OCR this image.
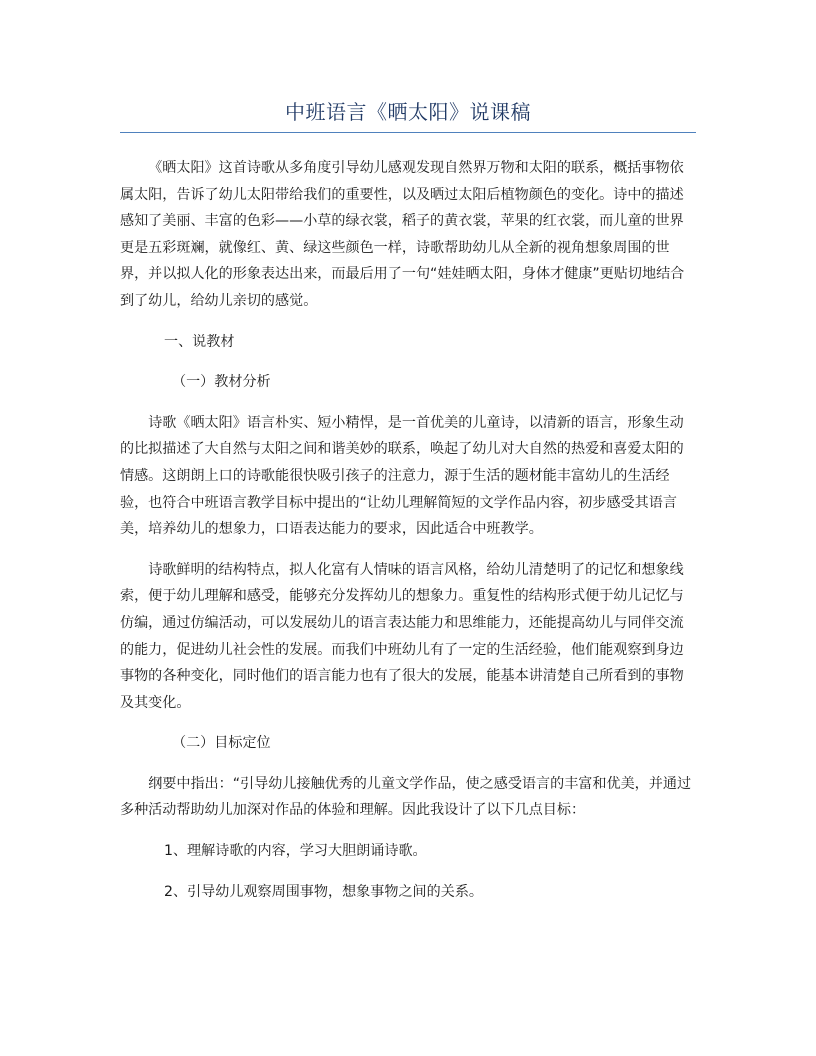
中班语言《晒太阳》说课稿

《晒太阳》这首诗歌从多角度引导幼儿感观发现自然界万物和太阳的联系，概括事物依属太阳，告诉了幼儿太阳带给我们的重要性，以及晒过太阳后植物颜色的变化。诗中的描述感知了美丽、丰富的色彩——小草的绿衣裳，稻子的黄衣裳，苹果的红衣裳，而儿童的世界更是五彩斑斓，就像红、黄、绿这些颜色一样，诗歌帮助幼儿从全新的视角想象周围的世界，并以拟人化的形象表达出来，而最后用了一句“娃娃晒太阳，身体才健康”更贴切地结合到了幼儿，给幼儿亲切的感觉。

一、说教材

（一）教材分析

诗歌《晒太阳》语言朴实、短小精悍，是一首优美的儿童诗，以清新的语言，形象生动的比拟描述了大自然与太阳之间和谐美妙的联系，唤起了幼儿对大自然的热爱和喜爱太阳的情感。这朗朗上口的诗歌能很快吸引孩子的注意力，源于生活的题材能丰富幼儿的生活经验，也符合中班语言教学目标中提出的“让幼儿理解简短的文学作品内容，初步感受其语言美，培养幼儿的想象力，口语表达能力的要求，因此适合中班教学。

诗歌鲜明的结构特点，拟人化富有人情味的语言风格，给幼儿清楚明了的记忆和想象线索，便于幼儿理解和感受，能够充分发挥幼儿的想象力。重复性的结构形式便于幼儿记忆与仿编，通过仿编活动，可以发展幼儿的语言表达能力和思维能力，还能提高幼儿与同伴交流的能力，促进幼儿社会性的发展。而我们中班幼儿有了一定的生活经验，他们能观察到身边事物的各种变化，同时他们的语言能力也有了很大的发展，能基本讲清楚自己所看到的事物及其变化。

（二）目标定位

纲要中指出：“引导幼儿接触优秀的儿童文学作品，使之感受语言的丰富和优美，并通过多种活动帮助幼儿加深对作品的体验和理解。因此我设计了以下几点目标：

1、理解诗歌的内容，学习大胆朗诵诗歌。

2、引导幼儿观察周围事物，想象事物之间的关系。
